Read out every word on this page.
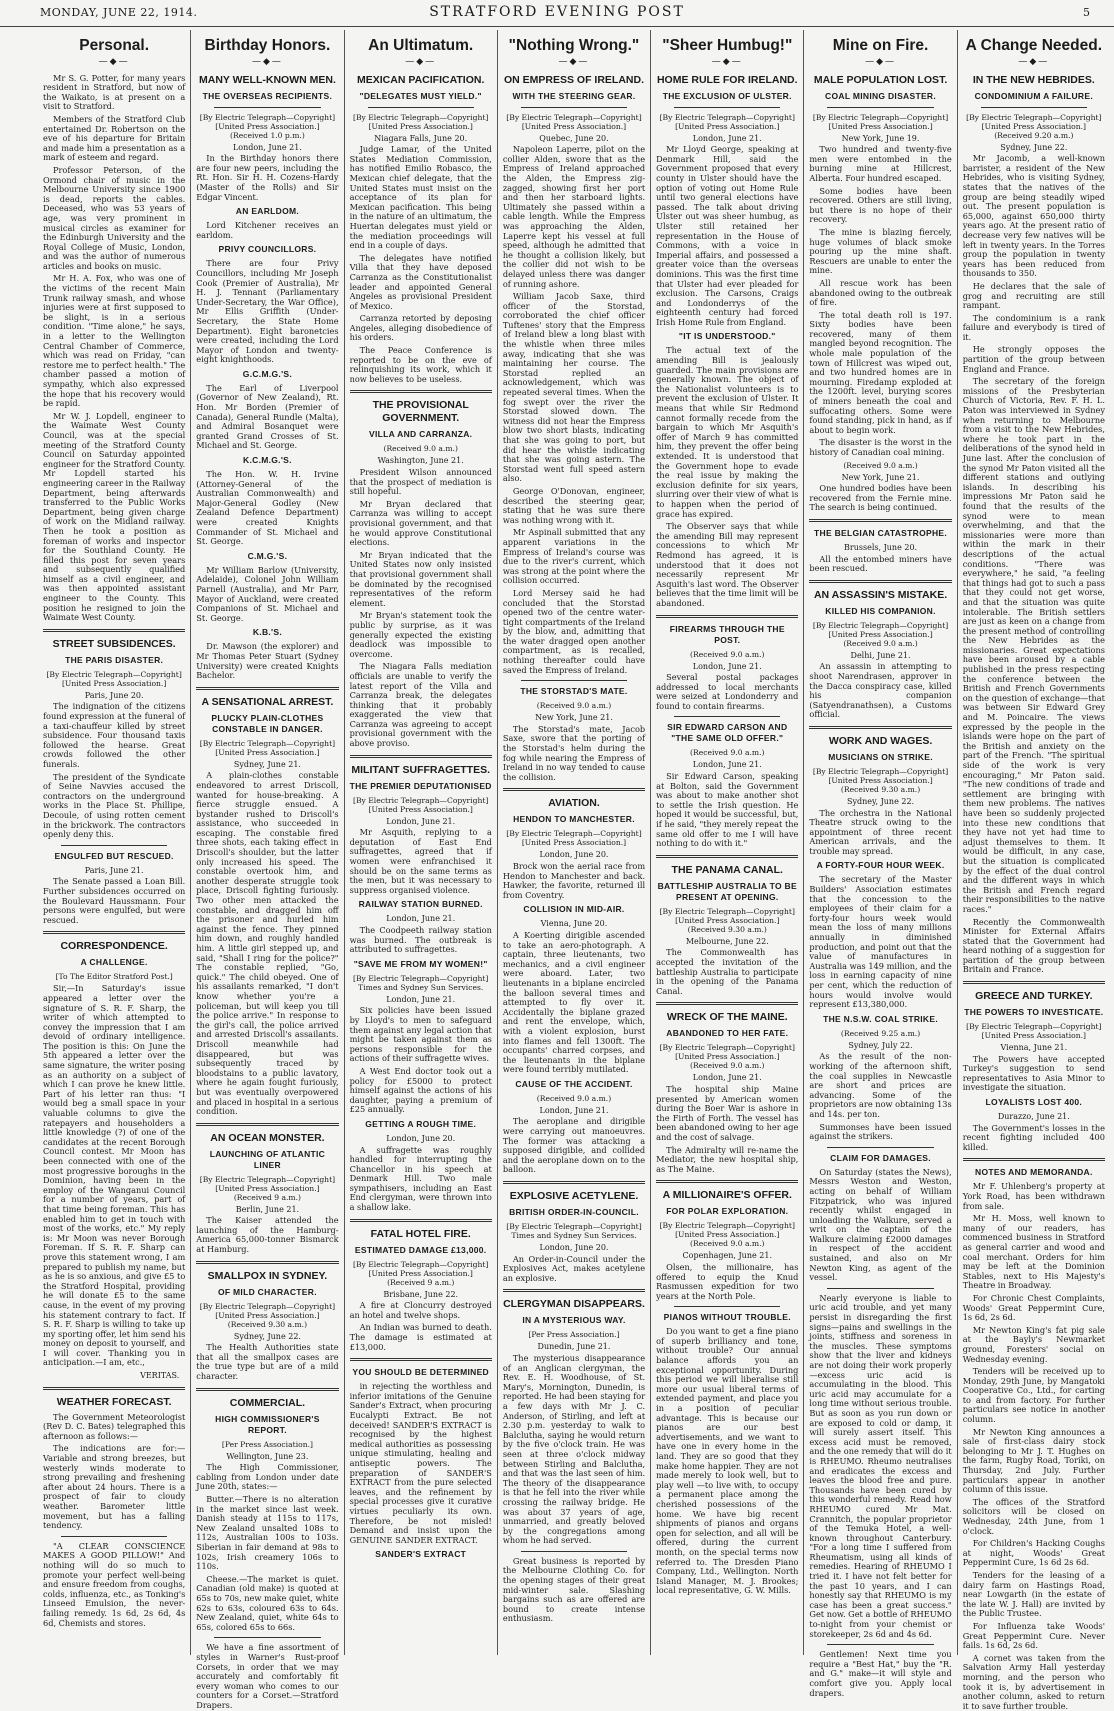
MONDAY, JUNE 22, 1914.	STRATFORD EVENING POST	5
Personal.
—◆—

Mr S. G. Potter, for many years resident in Stratford, but now of the Waikato, is at present on a visit to Stratford.

Members of the Stratford Club entertained Dr. Robertson on the eve of his departure for Britain and made him a presentation as a mark of esteem and regard.

Professor Peterson, of the Ormond chair of music in the Melbourne University since 1900 is dead, reports the cables. Deceased, who was 53 years of age, was very prominent in musical circles as examiner for the Edinburgh University and the Royal College of Music, London, and was the author of numerous articles and books on music.

Mr H. A. Fox, who was one of the victims of the recent Main Trunk railway smash, and whose injuries were at first supposed to be slight, is in a serious condition. "Time alone," he says, in a letter to the Wellington Central Chamber of Commerce, which was read on Friday, "can restore me to perfect health." The chamber passed a motion of sympathy, which also expressed the hope that his recovery would be rapid.

Mr W. J. Lopdell, engineer to the Waimate West County Council, was at the special meeting of the Stratford County Council on Saturday appointed engineer for the Stratford County. Mr Lopdell started his engineering career in the Railway Department, being afterwards transferred to the Public Works Department, being given charge of work on the Midland railway. Then he took a position as foreman of works and inspector for the Southland County. He filled this post for seven years and subsequently qualified himself as a civil engineer, and was then appointed assistant engineer to the County. This position he resigned to join the Waimate West County.

STREET SUBSIDENCES.
THE PARIS DISASTER.
[By Electric Telegraph—Copyright] [United Press Association.]
Paris, June 20.

The indignation of the citizens found expression at the funeral of a taxi-chauffeur killed by street subsidence. Four thousand taxis followed the hearse. Great crowds followed the other funerals.

The president of the Syndicate of Seine Navvies accused the contractors on the underground works in the Place St. Phillipe, Decoule, of using rotten cement in the brickwork. The contractors openly deny this.

ENGULFED BUT RESCUED.
Paris, June 21.

The Senate passed a Loan Bill. Further subsidences occurred on the Boulevard Haussmann. Four persons were engulfed, but were rescued.

CORRESPONDENCE.
A CHALLENGE.
[To The Editor Stratford Post.]

Sir,—In Saturday's issue appeared a letter over the signature of S. R. F. Sharp, the writer of which attempted to convey the impression that I am devoid of ordinary intelligence. The position is this: On June the 5th appeared a letter over the same signature, the writer posing as an authority on a subject of which I can prove he knew little. Part of his letter ran thus: "I would beg a small space in your valuable columns to give the ratepayers and householders a little knowledge (?) of one of the candidates at the recent Borough Council contest. Mr Moon has been connected with one of the most progressive boroughs in the Dominion, having been in the employ of the Wanganui Council for a number of years, part of that time being foreman. This has enabled him to get in touch with most of the works, etc." My reply is: Mr Moon was never Borough Foreman. If S. R. F. Sharp can prove this statement wrong, I am prepared to publish my name, but as he is so anxious, and give £5 to the Stratford Hospital, providing he will donate £5 to the same cause, in the event of my proving his statement contrary to fact. If S. R. F. Sharp is willing to take up my sporting offer, let him send his money on deposit to yourself, and I will cover. Thanking you in anticipation.—I am, etc.,

VERITAS.
WEATHER FORECAST.

The Government Meteorologist (Rev D. C. Bates) telegraphed this afternoon as follows:—

The indications are for:—Variable and strong breezes, but westerly winds moderate to strong prevailing and freshening after about 24 hours. There is a prospect of fair to cloudy weather. Barometer little movement, but has a falling tendency.

"A CLEAR CONSCIENCE MAKES A GOOD PILLOW!" And nothing will do so much to promote your perfect well-being and ensure freedom from coughs, colds, influenza, etc., as Tonking's Linseed Emulsion, the never-failing remedy. 1s 6d, 2s 6d, 4s 6d, Chemists and stores.

Birthday Honors.
—◆—
MANY WELL-KNOWN MEN.
THE OVERSEAS RECIPIENTS.
[By Electric Telegraph—Copyright] [United Press Association.] (Received 1.0 p.m.)
London, June 21.

In the Birthday honors there are four new peers, including the Rt. Hon. Sir H. H. Cozens-Hardy (Master of the Rolls) and Sir Edgar Vincent.

AN EARLDOM.

Lord Kitchener receives an earldom.

PRIVY COUNCILLORS.

There are four Privy Councillors, including Mr Joseph Cook (Premier of Australia), Mr H. J. Tennant (Parliamentary Under-Secretary, the War Office), Mr Ellis Griffith (Under-Secretary, the State Home Department). Eight baronetcies were created, including the Lord Mayor of London and twenty-eight knighthoods.

G.C.M.G.'S.

The Earl of Liverpool (Governor of New Zealand), Rt. Hon. Mr Borden (Premier of Canada), General Rundle (Malta), and Admiral Bosanquet were granted Grand Crosses of St. Michael and St. George.

K.C.M.G.'S.

The Hon. W. H. Irvine (Attorney-General of the Australian Commonwealth) and Major-General Godley (New Zealand Defence Department) were created Knights Commander of St. Michael and St. George.

C.M.G.'S.

Mr William Barlow (University, Adelaide), Colonel John William Parnell (Australia), and Mr Parr, Mayor of Auckland, were created Companions of St. Michael and St. George.

K.B.'S.

Dr. Mawson (the explorer) and Mr Thomas Peter Stuart (Sydney University) were created Knights Bachelor.

A SENSATIONAL ARREST.
PLUCKY PLAIN-CLOTHES CONSTABLE IN DANGER.
[By Electric Telegraph—Copyright] [United Press Association.]
Sydney, June 21.

A plain-clothes constable endeavored to arrest Driscoll, wanted for house-breaking. A fierce struggle ensued. A bystander rushed to Driscoll's assistance, who succeeded in escaping. The constable fired three shots, each taking effect in Driscoll's shoulder, but the latter only increased his speed. The constable overtook him, and another desperate struggle took place, Driscoll fighting furiously. Two other men attacked the constable, and dragged him off the prisoner and hurled him against the fence. They pinned him down, and roughly handled him. A little girl stepped up, and said, "Shall I ring for the police?" The constable replied, "Go, quick." The child obeyed. One of his assailants remarked, "I don't know whether you're a policeman, but will keep you till the police arrive." In response to the girl's call, the police arrived and arrested Driscoll's assailants. Driscoll meanwhile had disappeared, but was subsequently traced by bloodstains to a public lavatory, where he again fought furiously, but was eventually overpowered and placed in hospital in a serious condition.

AN OCEAN MONSTER.
LAUNCHING OF ATLANTIC LINER
[By Electric Telegraph—Copyright] [United Press Association.] (Received 9 a.m.)
Berlin, June 21.

The Kaiser attended the launching of the Hamburg-America 65,000-tonner Bismarck at Hamburg.

SMALLPOX IN SYDNEY.
OF MILD CHARACTER.
[By Electric Telegraph—Copyright] [United Press Association.] (Received 9.30 a.m.)
Sydney, June 22.

The Health Authorities state that all the smallpox cases are the true type but are of a mild character.

COMMERCIAL.
HIGH COMMISSIONER'S REPORT.
[Per Press Association.]
Wellington, June 23.

The High Commissioner, cabling from London under date June 20th, states:—

Butter.—There is no alteration in the market since last week. Danish steady at 115s to 117s, New Zealand unsalted 108s to 112s, Australian 100s to 103s. Siberian in fair demand at 98s to 102s, Irish creamery 106s to 110s.

Cheese.—The market is quiet. Canadian (old make) is quoted at 65s to 70s, new make quiet, white 62s to 63s, coloured 63s to 64s. New Zealand, quiet, white 64s to 65s, colored 65s to 66s.

We have a fine assortment of styles in Warner's Rust-proof Corsets, in order that we may accurately and comfortably fit every woman who comes to our counters for a Corset.—Stratford Drapers.

An Ultimatum.
—◆—
MEXICAN PACIFICATION.
"DELEGATES MUST YIELD."
[By Electric Telegraph—Copyright] [United Press Association.]
Niagara Falls, June 20.

Judge Lamar, of the United States Mediation Commission, has notified Emilio Robasco, the Mexican chief delegate, that the United States must insist on the acceptance of its plan for Mexican pacification. This being in the nature of an ultimatum, the Huertan delegates must yield or the mediation proceedings will end in a couple of days.

The delegates have notified Villa that they have deposed Carranza as the Constitutionalist leader and appointed General Angeles as provisional President of Mexico.

Carranza retorted by deposing Angeles, alleging disobedience of his orders.

The Peace Conference is reported to be on the eve of relinquishing its work, which it now believes to be useless.

THE PROVISIONAL GOVERNMENT.
VILLA AND CARRANZA.
(Received 9.0 a.m.)
Washington, June 21.

President Wilson announced that the prospect of mediation is still hopeful.

Mr Bryan declared that Carranza was willing to accept provisional government, and that he would approve Constitutional elections.

Mr Bryan indicated that the United States now only insisted that provisional government shall be dominated by the recognised representatives of the reform element.

Mr Bryan's statement took the public by surprise, as it was generally expected the existing deadlock was impossible to overcome.

The Niagara Falls mediation officials are unable to verify the latest report of the Villa and Carranza break, the delegates thinking that it probably exaggerated the view that Carranza was agreeing to accept provisional government with the above proviso.

MILITANT SUFFRAGETTES.
THE PREMIER DEPUTATIONISED
[By Electric Telegraph—Copyright] [United Press Association.]
London, June 21.

Mr Asquith, replying to a deputation of East End suffragettes, agreed that if women were enfranchised it should be on the same terms as the men, but it was necessary to suppress organised violence.

RAILWAY STATION BURNED.
London, June 21.

The Coodpeeth railway station was burned. The outbreak is attributed to suffragettes.

"SAVE ME FROM MY WOMEN!"
[By Electric Telegraph—Copyright] Times and Sydney Sun Services.
London, June 21.

Six policies have been issued by Lloyd's to men to safeguard them against any legal action that might be taken against them as persons responsible for the actions of their suffragette wives.

A West End doctor took out a policy for £5000 to protect himself against the actions of his daughter, paying a premium of £25 annually.

GETTING A ROUGH TIME.
London, June 20.

A suffragette was roughly handled for interrupting the Chancellor in his speech at Denmark Hill. Two male sympathisers, including an East End clergyman, were thrown into a shallow lake.

FATAL HOTEL FIRE.
ESTIMATED DAMAGE £13,000.
[By Electric Telegraph—Copyright] [United Press Association.] (Received 9 a.m.)
Brisbane, June 22.

A fire at Cloncurry destroyed an hotel and twelve shops.

An Indian was burned to death. The damage is estimated at £13,000.

YOU SHOULD BE DETERMINED

in rejecting the worthless and inferior imitations of the Genuine Sander's Extract, when procuring Eucalypti Extract. Be not deceived! SANDER'S EXTRACT is recognised by the highest medical authorities as possessing unique stimulating, healing and antiseptic powers. The preparation of SANDER'S EXTRACT from the pure selected leaves, and the refinement by special processes give it curative virtues peculiarly its own. Therefore, be not misled! Demand and insist upon the GENUINE SANDER EXTRACT.

SANDER'S EXTRACT
"Nothing Wrong."
—◆—
ON EMPRESS OF IRELAND.
WITH THE STEERING GEAR.
[By Electric Telegraph—Copyright] [United Press Association.]
Quebec, June 20.

Napoleon Laperre, pilot on the collier Alden, swore that as the Empress of Ireland approached the Alden, the Empress zig-zagged, showing first her port and then her starboard lights. Ultimately she passed within a cable length. While the Empress was approaching the Alden, Laperre kept his vessel at full speed, although he admitted that he thought a collision likely, but the collier did not wish to be delayed unless there was danger of running ashore.

William Jacob Saxe, third officer of the Storstad, corroborated the chief officer Tuftenes' story that the Empress of Ireland blew a long blast with the whistle when three miles away, indicating that she was maintaining her course. The Storstad replied an acknowledgement, which was repeated several times. When the fog swept over the river the Storstad slowed down. The witness did not hear the Empress blow two short blasts, indicating that she was going to port, but did hear the whistle indicating that she was going astern. The Storstad went full speed astern also.

George O'Donovan, engineer, described the steering gear, stating that he was sure there was nothing wrong with it.

Mr Aspinall submitted that any apparent variations in the Empress of Ireland's course was due to the river's current, which was strong at the point where the collision occurred.

Lord Mersey said he had concluded that the Storstad opened two of the centre water-tight compartments of the Ireland by the blow, and, admitting that the water dragged open another compartment, as is recalled, nothing thereafter could have saved the Empress of Ireland.

THE STORSTAD'S MATE.
(Received 9.0 a.m.)
New York, June 21.

The Storstad's mate, Jacob Saxe, swore that the porting of the Storstad's helm during the fog while nearing the Empress of Ireland in no way tended to cause the collision.

AVIATION.
HENDON TO MANCHESTER.
[By Electric Telegraph—Copyright] [United Press Association.]
London, June 20.

Brock won the aerial race from Hendon to Manchester and back. Hawker, the favorite, returned ill from Coventry.

COLLISION IN MID-AIR.
Vienna, June 20.

A Koerting dirigible ascended to take an aero-photograph. A captain, three lieutenants, two mechanics, and a civil engineer were aboard. Later, two lieutenants in a biplane encircled the balloon several times and attempted to fly over it. Accidentally the biplane grazed and rent the envelope, which, with a violent explosion, burst into flames and fell 1300ft. The occupants' charred corpses, and the lieutenants in the biplane were found terribly mutilated.

CAUSE OF THE ACCIDENT.
(Received 9.0 a.m.)
London, June 21.

The aeroplane and dirigible were carrying out manoeuvres. The former was attacking a supposed dirigible, and collided and the aeroplane down on to the balloon.

EXPLOSIVE ACETYLENE.
BRITISH ORDER-IN-COUNCIL.
[By Electric Telegraph—Copyright] Times and Sydney Sun Services.
London, June 20.

An Order-in-Council under the Explosives Act, makes acetylene an explosive.

CLERGYMAN DISAPPEARS.
IN A MYSTERIOUS WAY.
[Per Press Association.]
Dunedin, June 21.

The mysterious disappearance of an Anglican clergyman, the Rev. E. H. Woodhouse, of St. Mary's, Mornington, Dunedin, is reported. He had been staying for a few days with Mr J. C. Anderson, of Stirling, and left at 2.30 p.m. yesterday to walk to Balclutha, saying he would return by the five o'clock train. He was seen at three o'clock midway between Stirling and Balclutha, and that was the last seen of him. The theory of the disappearance is that he fell into the river while crossing the railway bridge. He was about 37 years of age, unmarried, and greatly beloved by the congregations among whom he had served.

Great business is reported by the Melbourne Clothing Co. for the opening stages of their great mid-winter sale. Slashing bargains such as are offered are bound to create intense enthusiasm.

"Sheer Humbug!"
—◆—
HOME RULE FOR IRELAND.
THE EXCLUSION OF ULSTER.
[By Electric Telegraph—Copyright] [United Press Association.]
London, June 21.

Mr Lloyd George, speaking at Denmark Hill, said the Government proposed that every county in Ulster should have the option of voting out Home Rule until two general elections have passed. The talk about driving Ulster out was sheer humbug, as Ulster still retained her representation in the House of Commons, with a voice in Imperial affairs, and possessed a greater voice than the overseas dominions. This was the first time that Ulster had ever pleaded for exclusion. The Carsons, Craigs and Londonderrys of the eighteenth century had forced Irish Home Rule from England.

"IT IS UNDERSTOOD."

The actual text of the amending Bill is jealously guarded. The main provisions are generally known. The object of the Nationalist volunteers is to prevent the exclusion of Ulster. It means that while Sir Redmond cannot formally recede from the bargain to which Mr Asquith's offer of March 9 has committed him, they prevent the offer being extended. It is understood that the Government hope to evade the real issue by making the exclusion definite for six years, slurring over their view of what is to happen when the period of grace has expired.

The Observer says that while the amending Bill may represent concessions to which Mr Redmond has agreed, it is understood that it does not necessarily represent Mr Asquith's last word. The Observer believes that the time limit will be abandoned.

FIREARMS THROUGH THE POST.
(Received 9.0 a.m.)
London, June 21.

Several postal packages addressed to local merchants were seized at Londonderry and found to contain firearms.

SIR EDWARD CARSON AND "THE SAME OLD OFFER."
(Received 9.0 a.m.)
London, June 21.

Sir Edward Carson, speaking at Bolton, said the Government was about to make another shot to settle the Irish question. He hoped it would be successful, but, if he said, "they merely repeat the same old offer to me I will have nothing to do with it."

THE PANAMA CANAL.
BATTLESHIP AUSTRALIA TO BE PRESENT AT OPENING.
[By Electric Telegraph—Copyright] [United Press Association.] (Received 9.30 a.m.)
Melbourne, June 22.

The Commonwealth has accepted the invitation of the battleship Australia to participate in the opening of the Panama Canal.

WRECK OF THE MAINE.
ABANDONED TO HER FATE.
[By Electric Telegraph—Copyright] [United Press Association.] (Received 9.0 a.m.)
London, June 21.

The hospital ship Maine presented by American women during the Boer War is ashore in the Firth of Forth. The vessel has been abandoned owing to her age and the cost of salvage.

The Admiralty will re-name the Mediator, the new hospital ship, as The Maine.

A MILLIONAIRE'S OFFER.
FOR POLAR EXPLORATION.
[By Electric Telegraph—Copyright] [United Press Association.] (Received 9.0 a.m.)
Copenhagen, June 21.

Olsen, the millionaire, has offered to equip the Knud Rasmussen expedition for two years at the North Pole.

PIANOS WITHOUT TROUBLE.

Do you want to get a fine piano of superb brilliancy and tone, without trouble? Our annual balance affords you an exceptional opportunity. During this period we will liberalise still more our usual liberal terms of extended payment, and place you in a position of peculiar advantage. This is because our pianos are our best advertisements, and we want to have one in every home in the land. They are so good that they make home happier. They are not made merely to look well, but to play well —to live with, to occupy a permanent place among the cherished possessions of the home. We have big recent shipments of pianos and organs open for selection, and all will be offered, during the current month, on the special terms now referred to. The Dresden Piano Company, Ltd., Wellington. North Island Manager, M. J. Brookes; local representative, G. W. Mills.

Mine on Fire.
—◆—
MALE POPULATION LOST.
COAL MINING DISASTER.
[By Electric Telegraph—Copyright] [United Press Association.]
New York, June 19.

Two hundred and twenty-five men were entombed in the burning mine at Hillcrest, Alberta. Four hundred escaped.

Some bodies have been recovered. Others are still living, but there is no hope of their recovery.

The mine is blazing fiercely, huge volumes of black smoke pouring up the mine shaft. Rescuers are unable to enter the mine.

All rescue work has been abandoned owing to the outbreak of fire.

The total death roll is 197. Sixty bodies have been recovered, many of them mangled beyond recognition. The whole male population of the town of Hillcrest was wiped out, and two hundred homes are in mourning. Firedamp exploded at the 1200ft. level, burying scores of miners beneath the coal and suffocating others. Some were found standing, pick in hand, as if about to begin work.

The disaster is the worst in the history of Canadian coal mining.

(Received 9.0 a.m.)
New York, June 21.

One hundred bodies have been recovered from the Fernie mine. The search is being continued.

THE BELGIAN CATASTROPHE.
Brussels, June 20.

All the entombed miners have been rescued.

AN ASSASSIN'S MISTAKE.
KILLED HIS COMPANION.
[By Electric Telegraph—Copyright] [United Press Association.] (Received 9.0 a.m.)
Delhi, June 21.

An assassin in attempting to shoot Narendrasen, approver in the Dacca conspiracy case, killed his companion (Satyendranathsen), a Customs official.

WORK AND WAGES.
MUSICIANS ON STRIKE.
[By Electric Telegraph—Copyright] [United Press Association.] (Received 9.30 a.m.)
Sydney, June 22.

The orchestra in the National Theatre struck owing to the appointment of three recent American arrivals, and the trouble may spread.

A FORTY-FOUR HOUR WEEK.

The secretary of the Master Builders' Association estimates that the concession to the employees of their claim for a forty-four hours week would mean the loss of many millions annually in diminished production, and point out that the value of manufactures in Australia was 149 million, and the loss in earning capacity of nine per cent, which the reduction of hours would involve would represent £13,380,000.

THE N.S.W. COAL STRIKE.
(Received 9.25 a.m.)
Sydney, July 22.

As the result of the non-working of the afternoon shift, the coal supplies in Newcastle are short and prices are advancing. Some of the proprietors are now obtaining 13s and 14s. per ton.

Summonses have been issued against the strikers.

CLAIM FOR DAMAGES.

On Saturday (states the News), Messrs Weston and Weston, acting on behalf of William Fitzpatrick, who was injured recently whilst engaged in unloading the Walkure, served a writ on the captain of the Walkure claiming £2000 damages in respect of the accident sustained, and also on Mr Newton King, as agent of the vessel.

Nearly everyone is liable to uric acid trouble, and yet many persist in disregarding the first signs—pains and swellings in the joints, stiffness and soreness in the muscles. These symptoms show that the liver and kidneys are not doing their work properly—excess uric acid is accumulating in the blood. This uric acid may accumulate for a long time without serious trouble. But as soon as you run down or are exposed to cold or damp, it will surely assert itself. This excess acid must be removed, and the one remedy that will do it is RHEUMO. Rheumo neutralises and eradicates the excess and leaves the blood free and pure. Thousands have been cured by this wonderful remedy. Read how RHEUMO cured Mr Mat. Crannitch, the popular proprietor of the Temuka Hotel, a well-known throughout Canterbury. "For a long time I suffered from Rheumatism, using all kinds of remedies. Hearing of RHEUMO I tried it. I have not felt better for the past 10 years, and I can honestly say that RHEUMO is my case has been a great success." Get now. Get a bottle of RHEUMO to-night from your chemist or storekeeper, 2s 6d and 4s 6d.

Gentlemen! Next time you require a "Best Hat," buy the "R. and G." make—it will style and comfort give you. Apply local drapers.

A Change Needed.
—◆—
IN THE NEW HEBRIDES.
CONDOMINIUM A FAILURE.
[By Electric Telegraph—Copyright] [United Press Association.] (Received 9.20 a.m.)
Sydney, June 22.

Mr Jacomb, a well-known barrister, a resident of the New Hebrides, who is visiting Sydney, states that the natives of the group are being steadily wiped out. The present population is 65,000, against 650,000 thirty years ago. At the present ratio of decrease very few natives will be left in twenty years. In the Torres group the population in twenty years has been reduced from thousands to 350.

He declares that the sale of grog and recruiting are still rampant.

The condominium is a rank failure and everybody is tired of it.

He strongly opposes the partition of the group between England and France.

The secretary of the foreign missions of the Presbyterian Church of Victoria, Rev. F. H. L. Paton was interviewed in Sydney when returning to Melbourne from a visit to the New Hebrides, where he took part in the deliberations of the synod held in June last. After the conclusion of the synod Mr Paton visited all the different stations and outlying islands. In describing his impressions Mr Paton said he found that the results of the synod were to mean overwhelming, and that the missionaries were more than within the mark in their descriptions of the actual conditions. "There was everywhere," he said, "a feeling that things had got to such a pass that they could not get worse, and that the situation was quite intolerable. The British settlers are just as keen on a change from the present method of controlling the New Hebrides as the missionaries. Great expectations have been aroused by a cable published in the press respecting the conference between the British and French Governments on the question of exchange—that was between Sir Edward Grey and M. Poincaire. The views expressed by the people in the islands were hope on the part of the British and anxiety on the part of the French. "The spiritual side of the work is very encouraging," Mr Paton said. "The new conditions of trade and settlement are bringing with them new problems. The natives have been so suddenly projected into these new conditions that they have not yet had time to adjust themselves to them. It would be difficult, in any case, but the situation is complicated by the effect of the dual control and the different ways in which the British and French regard their responsibilities to the native races."

Recently the Commonwealth Minister for External Affairs stated that the Government had heard nothing of a suggestion for partition of the group between Britain and France.

GREECE AND TURKEY.
THE POWERS TO INVESTICATE.
[By Electric Telegraph—Copyright] [United Press Association.]
Vienna, June 21.

The Powers have accepted Turkey's suggestion to send representatives to Asia Minor to investigate the situation.

LOYALISTS LOST 400.
Durazzo, June 21.

The Government's losses in the recent fighting included 400 killed.

NOTES AND MEMORANDA.

Mr F. Uhlenberg's property at York Road, has been withdrawn from sale.

Mr H. Moss, well known to many of our readers, has commenced business in Stratford as general carrier and wood and coal merchant. Orders for him may be left at the Dominion Stables, next to His Majesty's Theatre in Broadway.

For Chronic Chest Complaints, Woods' Great Peppermint Cure, 1s 6d, 2s 6d.

Mr Newton King's fat pig sale at the Bayly's Newmarket ground, Foresters' social on Wednesday evening.

Tenders will be received up to Monday, 29th June, by Mangatoki Cooperative Co., Ltd., for carting to and from factory. For further particulars see notice in another column.

Mr Newton King announces a sale of first-class dairy stock belonging to Mr J. T. Hughes on the farm, Rugby Road, Toriki, on Thursday, 2nd July. Further particulars appear in another column of this issue.

The offices of the Stratford solicitors will be closed on Wednesday, 24th June, from 1 o'clock.

For Children's Hacking Coughs at night, Woods' Great Peppermint Cure, 1s 6d 2s 6d.

Tenders for the leasing of a dairy farm on Hastings Road, near Lowgarth (in the estate of the late W. J. Hall) are invited by the Public Trustee.

For Influenza take Woods' Great Peppermint Cure. Never fails. 1s 6d, 2s 6d.

A cornet was taken from the Salvation Army Hall yesterday morning, and the person who took it is, by advertisement in another column, asked to return it to save further trouble.
